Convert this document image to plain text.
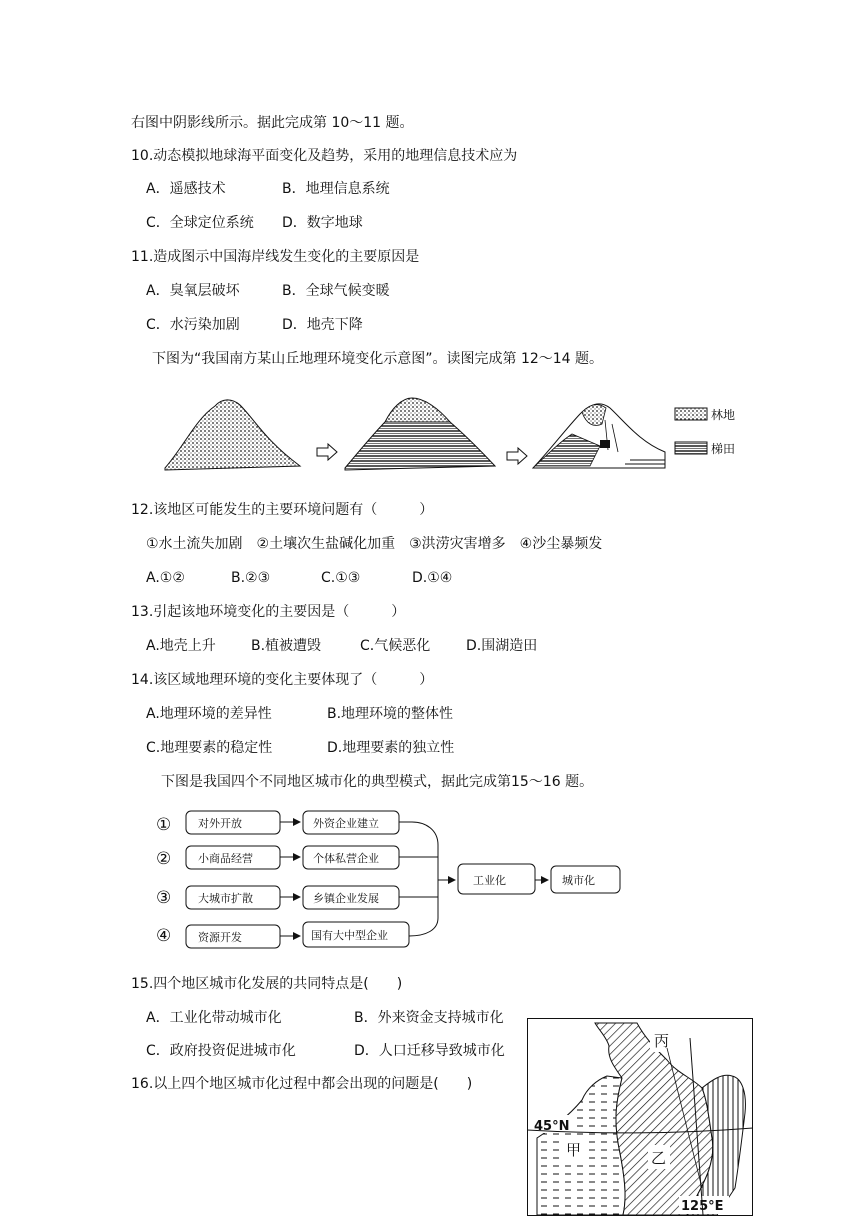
右图中阴影线所示。据此完成第 10～11 题。
10.动态模拟地球海平面变化及趋势，采用的地理信息技术应为
A．遥感技术	B．地理信息系统
C．全球定位系统 D．数字地球
11.造成图示中国海岸线发生变化的主要原因是
A．臭氧层破坏	B．全球气候变暖
C．水污染加剧	D．地壳下降
下图为“我国南方某山丘地理环境变化示意图”。读图完成第 12～14 题。
林地
梯田
12.该地区可能发生的主要环境问题有（　　　）
①水土流失加剧　②土壤次生盐碱化加重　③洪涝灾害增多　④沙尘暴频发
A.①②	B.②③	C.①③	D.①④
13.引起该地环境变化的主要因是（　　　）
A.地壳上升	B.植被遭毁	C.气候恶化	D.围湖造田
14.该区域地理环境的变化主要体现了（　　　）
A.地理环境的差异性	B.地理环境的整体性
C.地理要素的稳定性	D.地理要素的独立性
下图是我国四个不同地区城市化的典型模式，据此完成第15～16 题。
① 对外开放	外资企业建立
② 小商品经营	个体私营企业
③ 大城市扩散	乡镇企业发展
④ 资源开发	国有大中型企业
工业化	城市化
15.四个地区城市化发展的共同特点是(　　)
A．工业化带动城市化	B．外来资金支持城市化
C．政府投资促进城市化	D．人口迁移导致城市化
16.以上四个地区城市化过程中都会出现的问题是(　　)
丙
乙
甲
45°N
125°E
